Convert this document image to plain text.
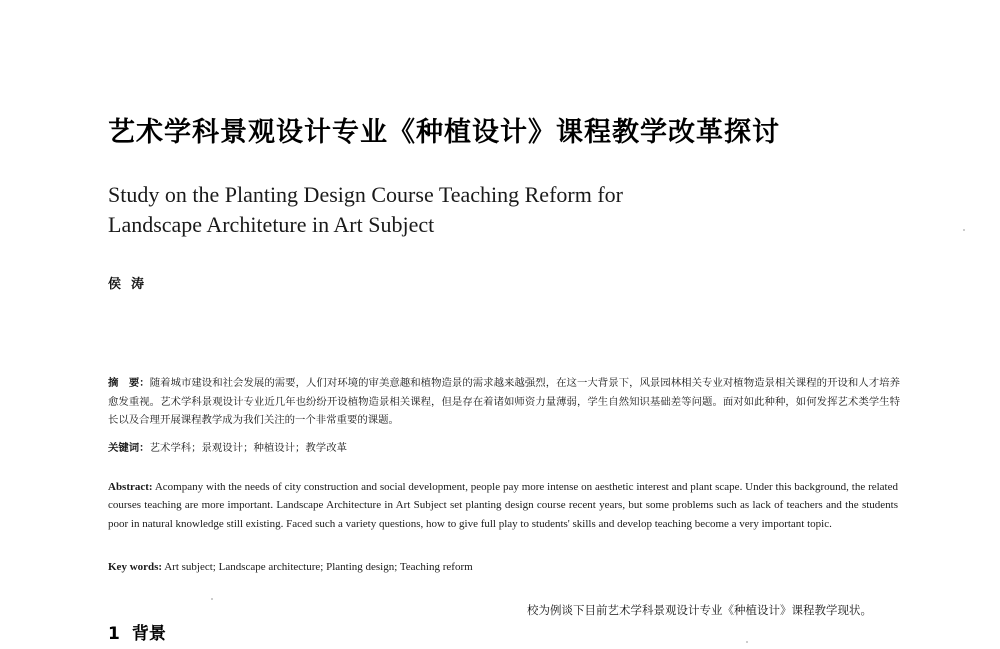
艺术学科景观设计专业《种植设计》课程教学改革探讨
Study on the Planting Design Course Teaching Reform for
Landscape Architeture in Art Subject
侯涛
摘　要：随着城市建设和社会发展的需要，人们对环境的审美意趣和植物造景的需求越来越强烈，在这一大背景下，风景园林相关专业对植物造景相关课程的开设和人才培养愈发重视。艺术学科景观设计专业近几年也纷纷开设植物造景相关课程，但是存在着诸如师资力量薄弱，学生自然知识基础差等问题。面对如此种种，如何发挥艺术类学生特长以及合理开展课程教学成为我们关注的一个非常重要的课题。
关键词：艺术学科；景观设计；种植设计；教学改革
Abstract: Acompany with the needs of city construction and social development, people pay more intense on aesthetic interest and plant scape. Under this background, the related courses teaching are more important. Landscape Architecture in Art Subject set planting design course recent years, but some problems such as lack of teachers and the students poor in natural knowledge still existing. Faced such a variety questions, how to give full play to students' skills and develop teaching become a very important topic.
Key words: Art subject; Landscape architecture; Planting design; Teaching reform
1 背景
校为例谈下目前艺术学科景观设计专业《种植设计》课程教学现状。
